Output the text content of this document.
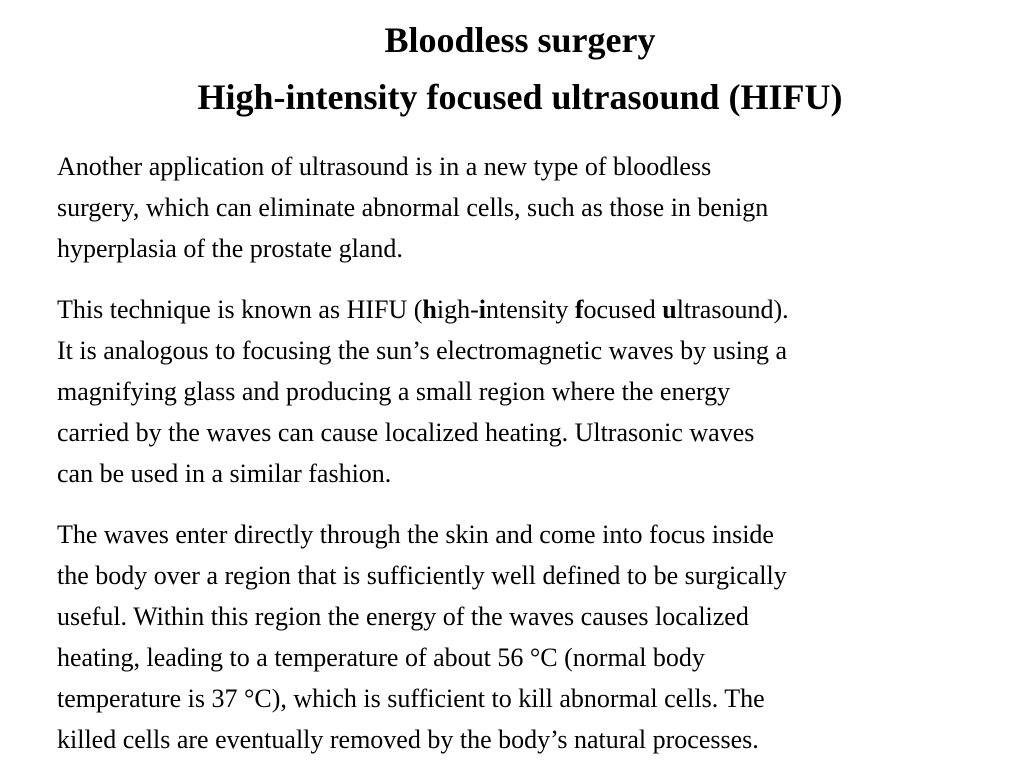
Bloodless surgery
High-intensity focused ultrasound (HIFU)

Another application of ultrasound is in a new type of bloodless
surgery, which can eliminate abnormal cells, such as those in benign
hyperplasia of the prostate gland.

This technique is known as HIFU (high-intensity focused ultrasound).
It is analogous to focusing the sun’s electromagnetic waves by using a
magnifying glass and producing a small region where the energy
carried by the waves can cause localized heating. Ultrasonic waves
can be used in a similar fashion.

The waves enter directly through the skin and come into focus inside
the body over a region that is sufficiently well defined to be surgically
useful. Within this region the energy of the waves causes localized
heating, leading to a temperature of about 56 °C (normal body
temperature is 37 °C), which is sufficient to kill abnormal cells. The
killed cells are eventually removed by the body’s natural processes.
